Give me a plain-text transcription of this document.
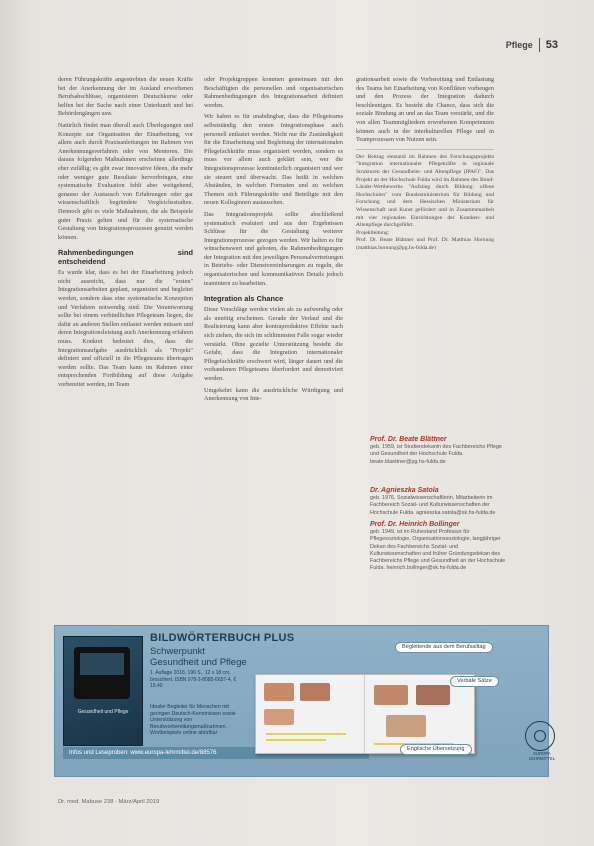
Pflege 53

deren Führungskräfte angestrebten die neuen Kräfte bei der Anerkennung der im Ausland erworbenen Berufsabschlüsse, organisieren Deutschkurse oder helfen bei der Suche nach einer Unterkunft und bei Behördengängen usw.

Natürlich findet man überall auch Überlegungen und Konzepte zur Organisation der Einarbeitung, vor allem auch durch Praxisanleitungen im Rahmen von Anerkennungsverfahren oder von Mentoren. Die daraus folgenden Maßnahmen erscheinen allerdings eher zufällig; es gibt zwar innovative Ideen, die mehr oder weniger gute Resultate hervorbringen, eine systematische Evaluation fehlt aber weitgehend, genauso der Austausch von Erfahrungen oder gar wissenschaftlich begründete Vergleichsstudien. Dennoch gibt es viele Maßnahmen, die als Beispiele guter Praxis gelten und für die systematische Gestaltung von Integrationsprozessen genutzt werden können.

Rahmenbedingungen sind entscheidend

Es wurde klar, dass es bei der Einarbeitung jedoch nicht ausreicht, dass nur die "ersten" Integrationsarbeiten geplant, organisiert und begleitet werden, sondern dass eine systematische Konzeption und Verfahren notwendig sind. Die Verantwortung sollte bei einem verbindlichen Pflegeteam liegen, die dafür an anderen Stellen entlastet werden müssen und deren Integrationsleistung auch Anerkennung erfahren muss. Konkret bedeutet dies, dass die Integrationsaufgabe ausdrücklich als "Projekt" definiert und offiziell in die Pflegeteams übertragen werden sollte. Das Team kann im Rahmen einer entsprechenden Fortbildung auf diese Aufgabe vorbereitet werden, im Team

oder Projektgruppen kommen gemeinsam mit den Beschäftigten die personellen und organisatorischen Rahmenbedingungen des Integrationsarbeit definiert werden.

Wir haben es für unabdingbar, dass die Pflegeteams selbstständig den ersten Integrationsphase auch personell entlastet werden. Nicht nur die Zuständigkeit für die Einarbeitung und Begleitung der internationalen Pflegefachkräfte muss organisiert werden, sondern es muss vor allem auch geklärt sein, wer die Integrationsprozesse kontinuierlich organisiert und wer sie steuert und überwacht. Das heißt in welchen Abständen, in welchen Formaten und zu welchen Themen sich Führungskräfte und Beteiligte mit den neuen Kolleginnen austauschen.

Das Integrationsprojekt sollte abschließend systematisch evaluiert und aus den Ergebnissen Schlüsse für die Gestaltung weiterer Integrationsprozesse gezogen werden. Wir halten es für wünschenswert und geboten, die Rahmenbedingungen der Integration mit den jeweiligen Personalvertretungen in Betriebs- oder Dienstvereinbarungen zu regeln, die organisatorischen und kommunikativen Details jedoch teamintern zu bearbeiten.

Integration als Chance

Diese Vorschläge werden vielen als zu aufwendig oder als unnötig erscheinen. Gerade der Verlauf und die Realisierung kann aber kontraproduktive Effekte nach sich ziehen, die sich im schlimmsten Falle sogar wieder verstärkt. Ohne gezielte Unterstützung besteht die Gefahr, dass die Integration internationaler Pflegefachkräfte erschwert wird, länger dauert und die vorhandenen Pflegeteams überfordert und demotiviert werden.

Umgekehrt kann die ausdrückliche Würdigung und Anerkennung von Inte-

grationsarbeit sowie die Vorbereitung und Entlastung des Teams bei Einarbeitung von Konflikten vorbeugen und den Prozess der Integration dadurch beschleunigen. Es besteht die Chance, dass sich die soziale Bindung an und an das Team verstärkt, und die von allen Teammitgliedern erworbenen Kompetenzen können auch in der interkulturellen Pflege und in Teamprozessen von Nutzen sein.

Der Beitrag entstand im Rahmen des Forschungsprojekts "Integration internationaler Pflegekräfte in regionale Strukturen der Gesundheits- und Altenpflege (IPAF)". Das Projekt an der Hochschule Fulda wird im Rahmen des Bund-Länder-Wettbewerbs "Aufstieg durch Bildung: offene Hochschulen" vom Bundesministerium für Bildung und Forschung und dem Hessischen Ministerium für Wissenschaft und Kunst gefördert und in Zusammenarbeit mit vier regionalen Einrichtungen der Kranken- und Altenpflege durchgeführt.
Projektleitung:
Prof. Dr. Beate Blättner und Prof. Dr. Matthias Hornung (matthias.hornung@pg.hs-fulda.de)
Prof. Dr. Beate Blättner
geb. 1959, ist Studiendekanin des Fachbereichs Pflege und Gesundheit der Hochschule Fulda. beate.blaettner@pg.hs-fulda.de
Dr. Agnieszka Satola
geb. 1976, Sozialwissenschaftlerin, Mitarbeiterin im Fachbereich Sozial- und Kulturwissenschaften der Hochschule Fulda. agnieszka.satola@sk.hs-fulda.de
Prof. Dr. Heinrich Bollinger
geb. 1949, ist im Ruhestand Professor für Pflegesoziologie, Organisationssoziologie, langjähriger Dekan des Fachbereichs Sozial- und Kulturwissenschaften und früher Gründungsdekan des Fachbereichs Pflege und Gesundheit an der Hochschule Fulda. heinrich.bollinger@sk.hs-fulda.de
Gesundheit und Pflege
BILDWÖRTERBUCH PLUS
Schwerpunkt
Gesundheit und Pflege
1. Auflage 2018, 196 S., 12 x 18 cm, broschiert, ISBN 978-3-8085-6657-4, € 19,40
Idealer Begleiter für Menschen mit geringen Deutsch-Kenntnissen sowie Unterstützung von Berufsvorbereitungsmaßnahmen. Wortbeispiele online abrufbar
Infos und Leseproben: www.europa-lehrmittel.de/88576
Begleitende aus dem Berufsalltag
Verbale Sätze
Englische Übersetzung
EUROPA LEHRMITTEL
Dr. med. Mabuse 238 · März/April 2019
